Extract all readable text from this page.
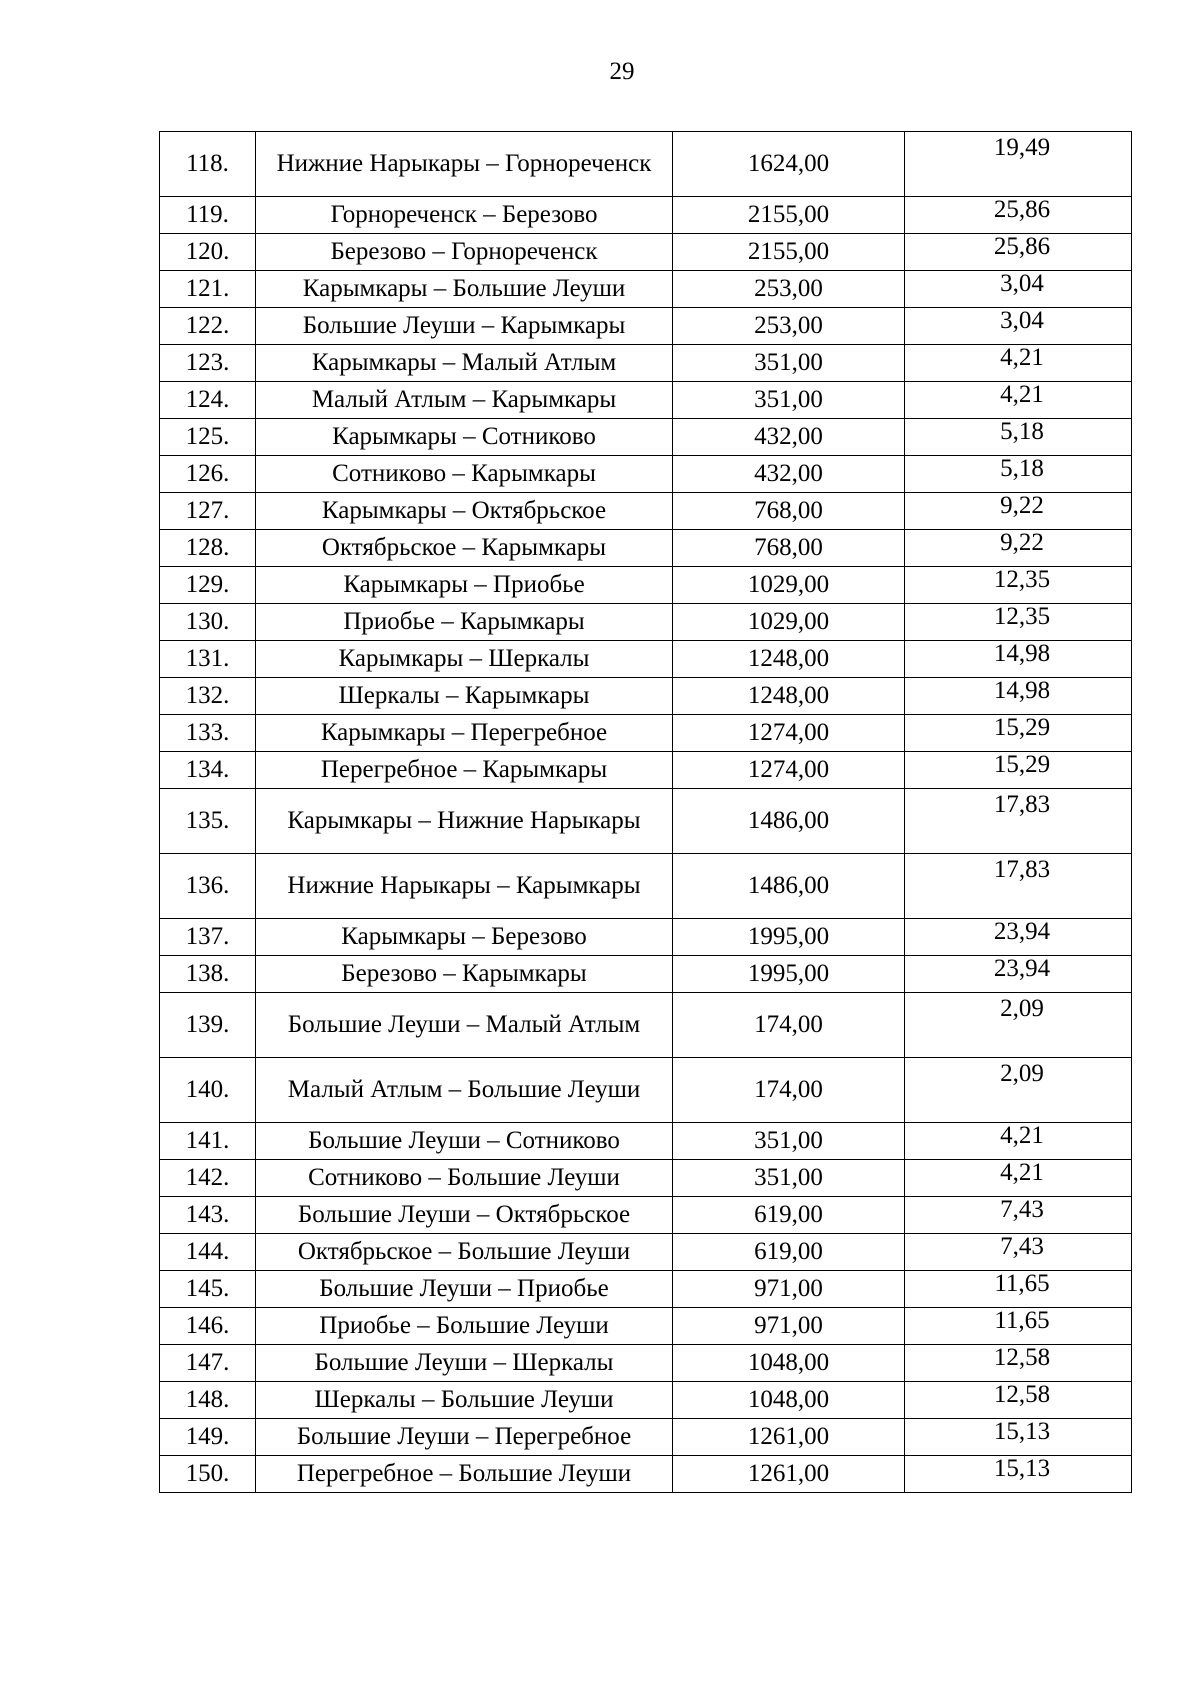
29
118.	Нижние Нарыкары – Горнореченск	1624,00	19,49

119.	Горнореченск – Березово	2155,00	25,86

120.	Березово – Горнореченск	2155,00	25,86

121.	Карымкары – Большие Леуши	253,00	3,04

122.	Большие Леуши – Карымкары	253,00	3,04

123.	Карымкары – Малый Атлым	351,00	4,21

124.	Малый Атлым – Карымкары	351,00	4,21

125.	Карымкары – Сотниково	432,00	5,18

126.	Сотниково – Карымкары	432,00	5,18

127.	Карымкары – Октябрьское	768,00	9,22

128.	Октябрьское – Карымкары	768,00	9,22

129.	Карымкары – Приобье	1029,00	12,35

130.	Приобье – Карымкары	1029,00	12,35

131.	Карымкары – Шеркалы	1248,00	14,98

132.	Шеркалы – Карымкары	1248,00	14,98

133.	Карымкары – Перегребное	1274,00	15,29

134.	Перегребное – Карымкары	1274,00	15,29

135.	Карымкары – Нижние Нарыкары	1486,00	17,83

136.	Нижние Нарыкары – Карымкары	1486,00	17,83

137.	Карымкары – Березово	1995,00	23,94

138.	Березово – Карымкары	1995,00	23,94

139.	Большие Леуши – Малый Атлым	174,00	2,09

140.	Малый Атлым – Большие Леуши	174,00	2,09

141.	Большие Леуши – Сотниково	351,00	4,21

142.	Сотниково – Большие Леуши	351,00	4,21

143.	Большие Леуши – Октябрьское	619,00	7,43

144.	Октябрьское – Большие Леуши	619,00	7,43

145.	Большие Леуши – Приобье	971,00	11,65

146.	Приобье – Большие Леуши	971,00	11,65

147.	Большие Леуши – Шеркалы	1048,00	12,58

148.	Шеркалы – Большие Леуши	1048,00	12,58

149.	Большие Леуши – Перегребное	1261,00	15,13

150.	Перегребное – Большие Леуши	1261,00	15,13
